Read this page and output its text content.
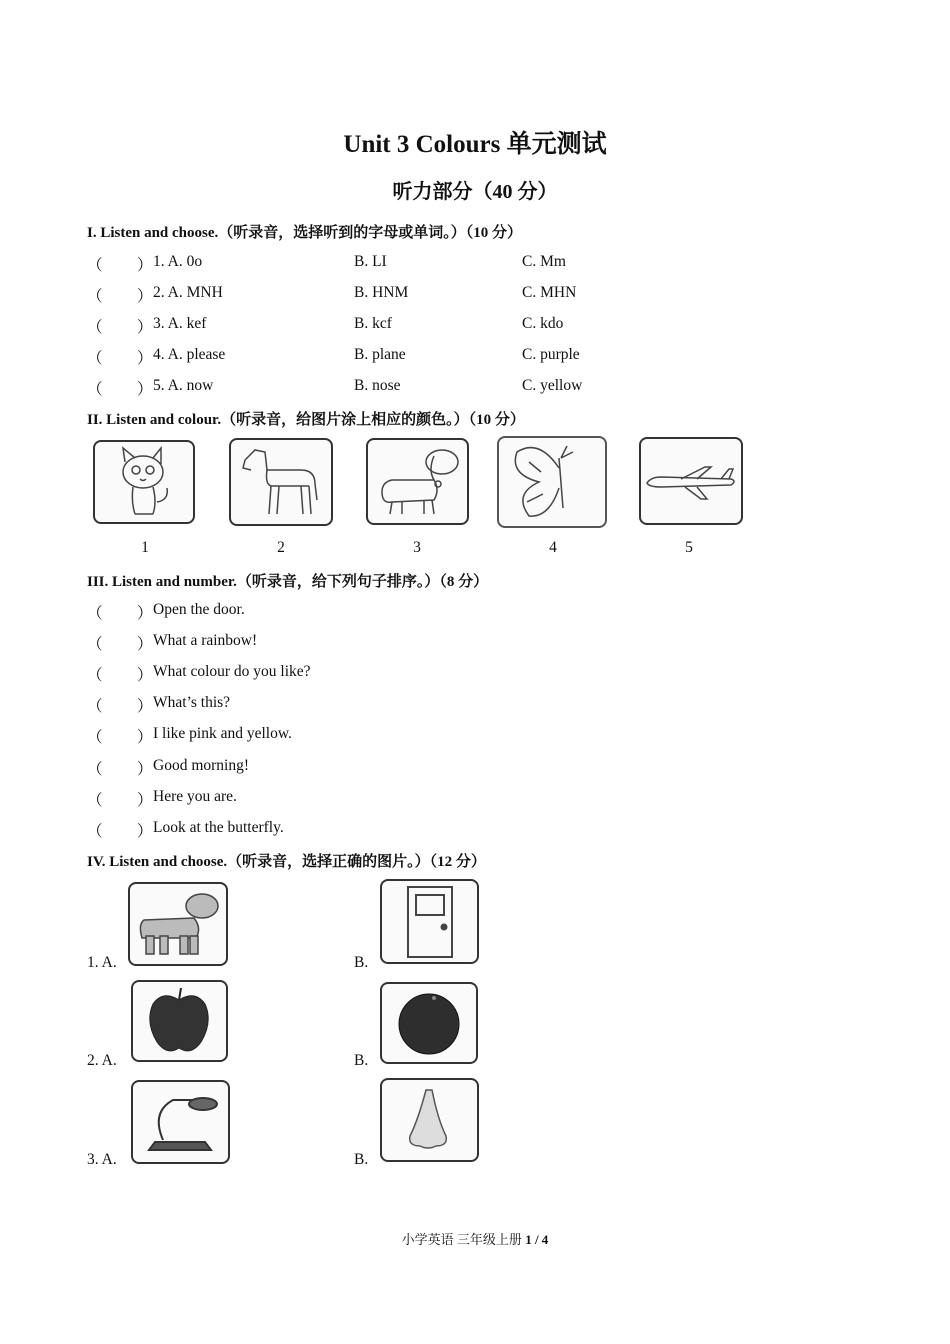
Unit 3 Colours 单元测试
听力部分（40 分）
I. Listen and choose.（听录音，选择听到的字母或单词。）（10 分）
（ ） 1. A. 0o	B. LI	C. Mm
（ ） 2. A. MNH	B. HNM	C. MHN
（ ） 3. A. kef	B. kcf	C. kdo
（ ） 4. A. please	B. plane	C. purple
（ ） 5. A. now	B. nose	C. yellow
II. Listen and colour.（听录音，给图片涂上相应的颜色。）（10 分）
1	2	3	4	5
III. Listen and number.（听录音，给下列句子排序。）（8 分）
（ ） Open the door.
（ ） What a rainbow!
（ ） What colour do you like?
（ ） What’s this?
（ ） I like pink and yellow.
（ ） Good morning!
（ ） Here you are.
（ ） Look at the butterfly.
IV. Listen and choose.（听录音，选择正确的图片。）（12 分）
1. A.	B.
2. A.	B.
3. A.	B.
小学英语 三年级上册 1 / 4
